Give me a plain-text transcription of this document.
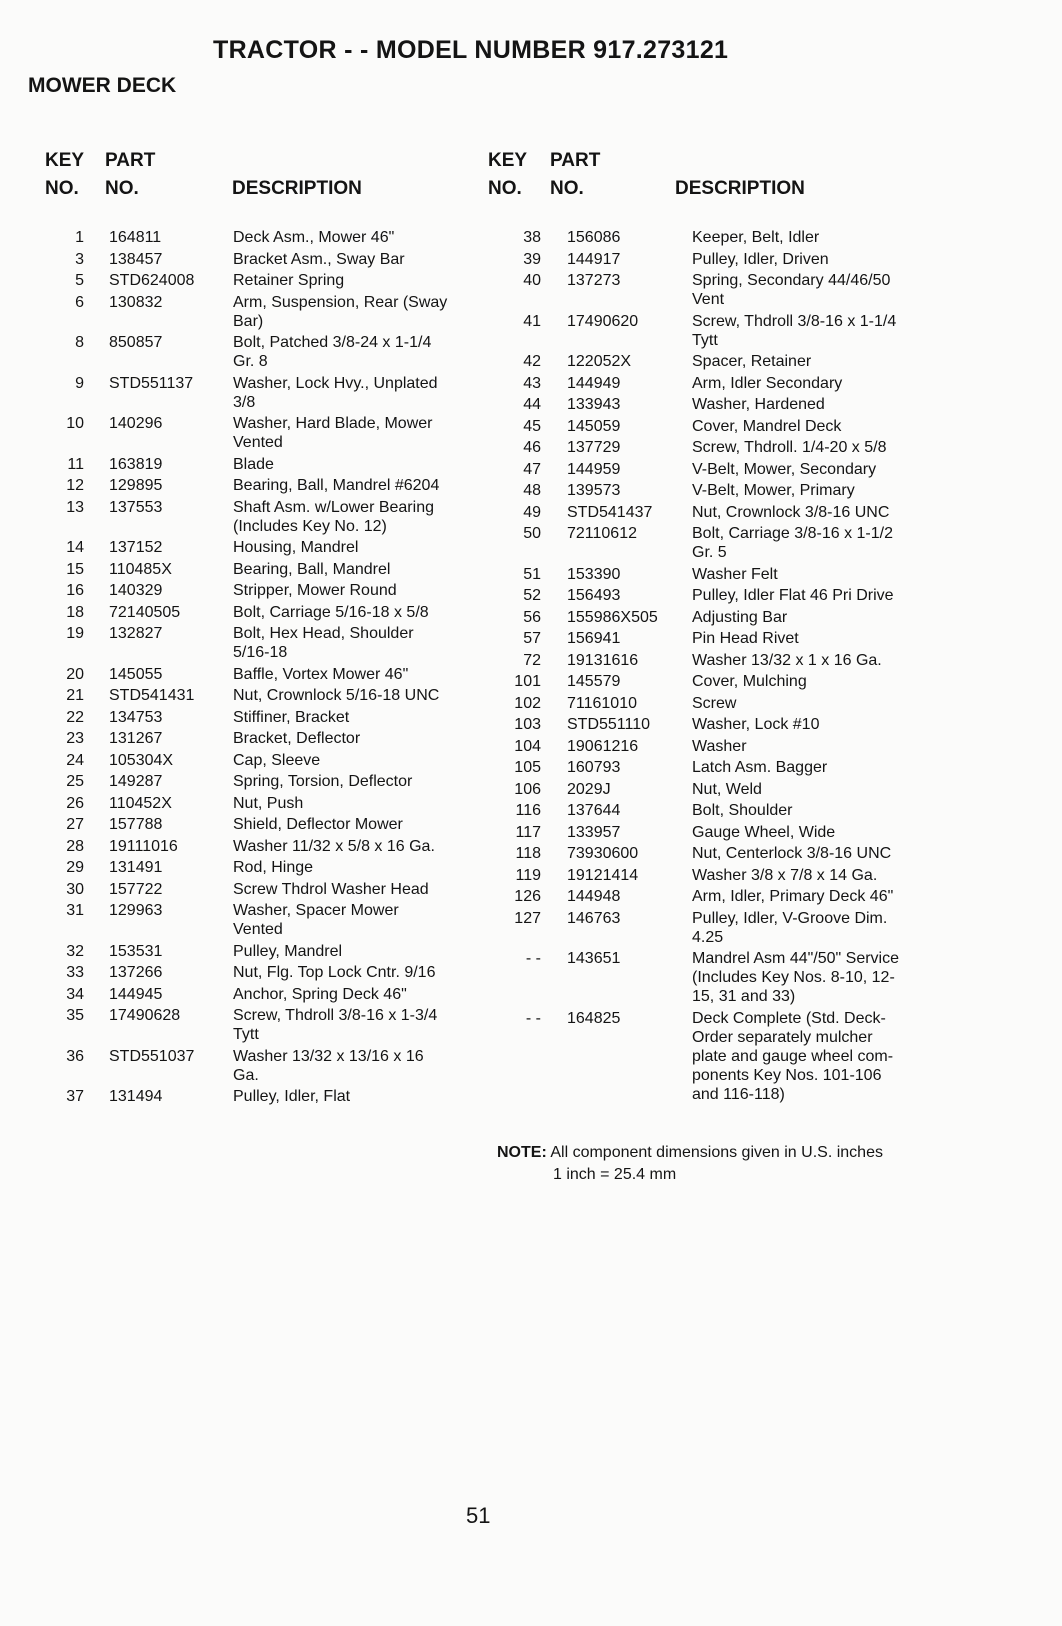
TRACTOR - - MODEL NUMBER 917.273121
MOWER DECK
KEY
NO.
PART
NO.	DESCRIPTION
1 164811	Deck Asm., Mower 46"
3 138457	Bracket Asm., Sway Bar
5 STD624008 Retainer Spring
6 130832	Arm, Suspension, Rear (Sway
Bar)
8 850857	Bolt, Patched 3/8-24 x 1-1/4
Gr. 8
9 STD551137 Washer, Lock Hvy., Unplated
3/8
10 140296	Washer, Hard Blade, Mower
Vented
11 163819	Blade
12 129895	Bearing, Ball, Mandrel #6204
13 137553	Shaft Asm. w/Lower Bearing
(Includes Key No. 12)
14 137152	Housing, Mandrel
15 110485X	Bearing, Ball, Mandrel
16 140329	Stripper, Mower Round
18 72140505	Bolt, Carriage 5/16-18 x 5/8
19 132827	Bolt, Hex Head, Shoulder
5/16-18
20 145055	Baffle, Vortex Mower 46"
21 STD541431 Nut, Crownlock 5/16-18 UNC
22 134753	Stiffiner, Bracket
23 131267	Bracket, Deflector
24 105304X	Cap, Sleeve
25 149287	Spring, Torsion, Deflector
26 110452X	Nut, Push
27 157788	Shield, Deflector Mower
28 19111016	Washer 11/32 x 5/8 x 16 Ga.
29 131491	Rod, Hinge
30 157722	Screw Thdrol Washer Head
31 129963	Washer, Spacer Mower
Vented
32 153531	Pulley, Mandrel
33 137266	Nut, Flg. Top Lock Cntr. 9/16
34 144945	Anchor, Spring Deck 46"
35 17490628	Screw, Thdroll 3/8-16 x 1-3/4
Tytt
36 STD551037 Washer 13/32 x 13/16 x 16
Ga.
37 131494	Pulley, Idler, Flat
KEY
NO.
PART
NO.	DESCRIPTION
38 156086	Keeper, Belt, Idler
39 144917	Pulley, Idler, Driven
40 137273	Spring, Secondary 44/46/50
Vent
41 17490620	Screw, Thdroll 3/8-16 x 1-1/4
Tytt
42 122052X	Spacer, Retainer
43 144949	Arm, Idler Secondary
44 133943	Washer, Hardened
45 145059	Cover, Mandrel Deck
46 137729	Screw, Thdroll. 1/4-20 x 5/8
47 144959	V-Belt, Mower, Secondary
48 139573	V-Belt, Mower, Primary
49 STD541437 Nut, Crownlock 3/8-16 UNC
50 72110612	Bolt, Carriage 3/8-16 x 1-1/2
Gr. 5
51 153390	Washer Felt
52 156493	Pulley, Idler Flat 46 Pri Drive
56 155986X505 Adjusting Bar
57 156941	Pin Head Rivet
72 19131616	Washer 13/32 x 1 x 16 Ga.
101 145579	Cover, Mulching
102 71161010	Screw
103 STD551110	Washer, Lock #10
104 19061216	Washer
105 160793	Latch Asm. Bagger
106 2029J	Nut, Weld
116 137644	Bolt, Shoulder
117 133957	Gauge Wheel, Wide
118 73930600	Nut, Centerlock 3/8-16 UNC
119 19121414	Washer 3/8 x 7/8 x 14 Ga.
126 144948	Arm, Idler, Primary Deck 46"
127 146763	Pulley, Idler, V-Groove Dim.
4.25
- - 143651	Mandrel Asm 44"/50" Service
(Includes Key Nos. 8-10, 12-
15, 31 and 33)
- - 164825	Deck Complete (Std. Deck-
Order separately mulcher
plate and gauge wheel com-
ponents Key Nos. 101-106
and 116-118)
NOTE: All component dimensions given in U.S. inches
1 inch = 25.4 mm
51
